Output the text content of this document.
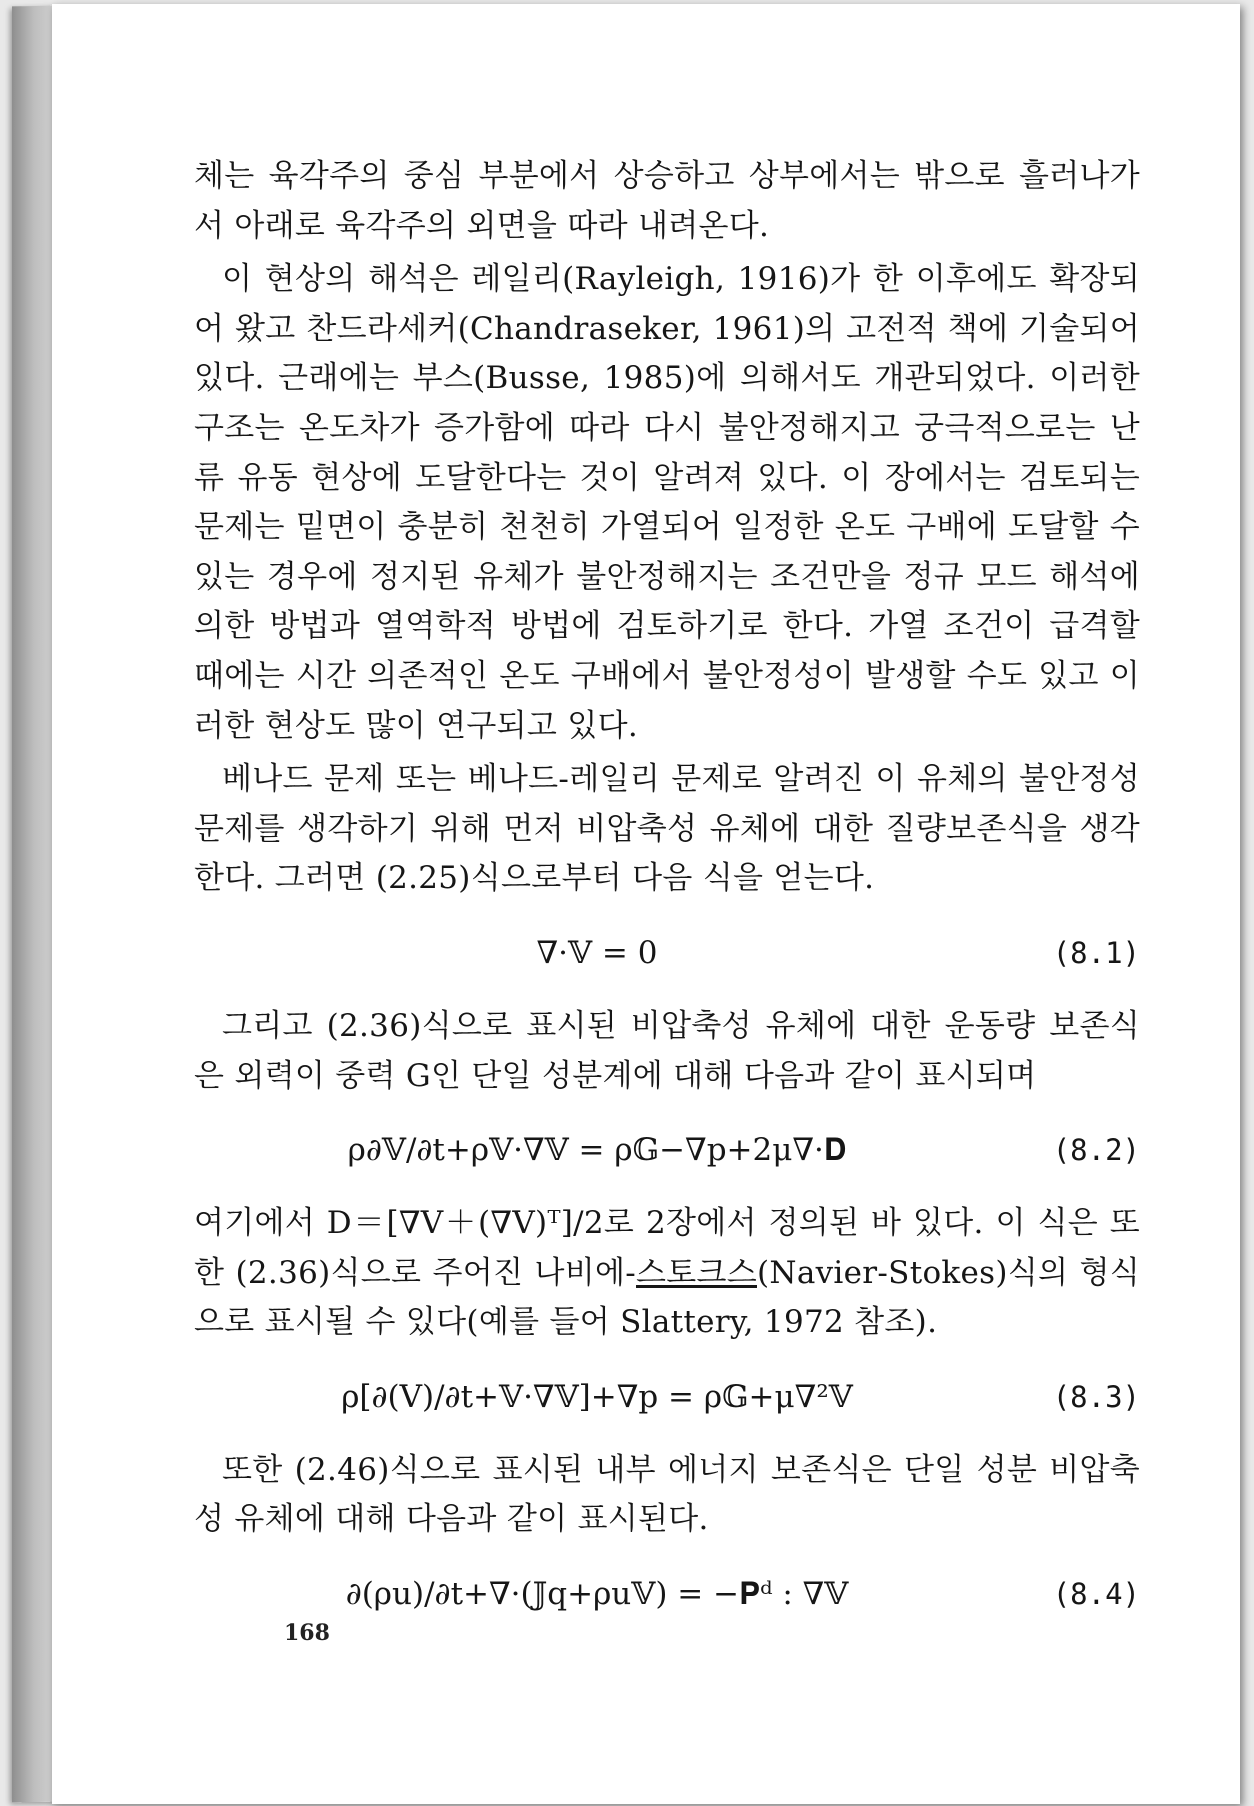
체는 육각주의 중심 부분에서 상승하고 상부에서는 밖으로 흘러나가서 아래로 육각주의 외면을 따라 내려온다.

이 현상의 해석은 레일리(Rayleigh, 1916)가 한 이후에도 확장되어 왔고 찬드라세커(Chandraseker, 1961)의 고전적 책에 기술되어 있다. 근래에는 부스(Busse, 1985)에 의해서도 개관되었다. 이러한 구조는 온도차가 증가함에 따라 다시 불안정해지고 궁극적으로는 난류 유동 현상에 도달한다는 것이 알려져 있다. 이 장에서는 검토되는 문제는 밑면이 충분히 천천히 가열되어 일정한 온도 구배에 도달할 수 있는 경우에 정지된 유체가 불안정해지는 조건만을 정규 모드 해석에 의한 방법과 열역학적 방법에 검토하기로 한다. 가열 조건이 급격할 때에는 시간 의존적인 온도 구배에서 불안정성이 발생할 수도 있고 이러한 현상도 많이 연구되고 있다.

베나드 문제 또는 베나드-레일리 문제로 알려진 이 유체의 불안정성 문제를 생각하기 위해 먼저 비압축성 유체에 대한 질량보존식을 생각한다. 그러면 (2.25)식으로부터 다음 식을 얻는다.

∇·𝕍 = 0	(8.1)

그리고 (2.36)식으로 표시된 비압축성 유체에 대한 운동량 보존식은 외력이 중력 G인 단일 성분계에 대해 다음과 같이 표시되며

ρ∂𝕍/∂t+ρ𝕍·∇𝕍 = ρ𝔾−∇p+2μ∇·𝐃	(8.2)

여기에서 D＝[∇V＋(∇V)ᵀ]/2로 2장에서 정의된 바 있다. 이 식은 또한 (2.36)식으로 주어진 나비에-스토크스(Navier-Stokes)식의 형식으로 표시될 수 있다(예를 들어 Slattery, 1972 참조).

ρ[∂(V)/∂t+𝕍·∇𝕍]+∇p = ρ𝔾+μ∇²𝕍	(8.3)

또한 (2.46)식으로 표시된 내부 에너지 보존식은 단일 성분 비압축성 유체에 대해 다음과 같이 표시된다.

∂(ρu)/∂t+∇·(𝕁q+ρu𝕍) = −𝐏ᵈ : ∇𝕍	(8.4)
168
